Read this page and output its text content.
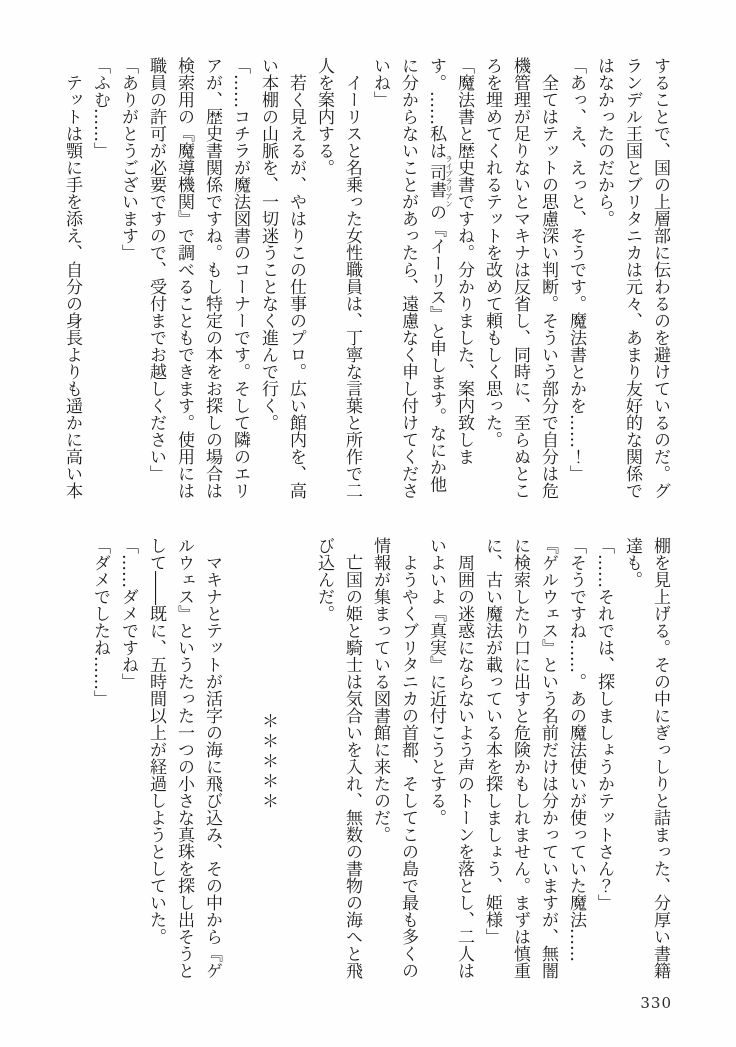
することで、国の上層部に伝わるのを避けているのだ。グランデル王国とブリタニカは元々、あまり友好的な関係ではなかったのだから。

「あっ、え、えっと、そうです。魔法書とかを……！」

　全てはテットの思慮深い判断。そういう部分で自分は危機管理が足りないとマキナは反省し、同時に、至らぬところを埋めてくれるテットを改めて頼もしく思った。

「魔法書と歴史書ですね。分かりました、案内致します。……私は司書ライブラリアンの『イーリス』と申します。なにか他に分からないことがあったら、遠慮なく申し付けてくださいね」

　イーリスと名乗った女性職員は、丁寧な言葉と所作で二人を案内する。

　若く見えるが、やはりこの仕事のプロ。広い館内を、高い本棚の山脈を、一切迷うことなく進んで行く。

「……コチラが魔法図書のコーナーです。そして隣のエリアが、歴史書関係ですね。もし特定の本をお探しの場合は検索用の『魔導機関』で調べることもできます。使用には職員の許可が必要ですので、受付までお越しください」

「ありがとうございます」

「ふむ……」

　テットは顎に手を添え、自分の身長よりも遥かに高い本

棚を見上げる。その中にぎっしりと詰まった、分厚い書籍達も。

「……それでは、探しましょうかテットさん？」

「そうですね……。あの魔法使いが使っていた魔法……『ゲルウェス』という名前だけは分かっていますが、無闇に検索したり口に出すと危険かもしれません。まずは慎重に、古い魔法が載っている本を探しましょう、姫様」

　周囲の迷惑にならないよう声のトーンを落とし、二人はいよいよ『真実』に近付こうとする。

　ようやくブリタニカの首都、そしてこの島で最も多くの情報が集まっている図書館に来たのだ。

　亡国の姫と騎士は気合いを入れ、無数の書物の海へと飛び込んだ。

＊＊＊＊＊

　マキナとテットが活字の海に飛び込み、その中から『ゲルウェス』というたった一つの小さな真珠を探し出そうとして――既に、五時間以上が経過しようとしていた。

「……ダメですね」

「ダメでしたね……」

330
